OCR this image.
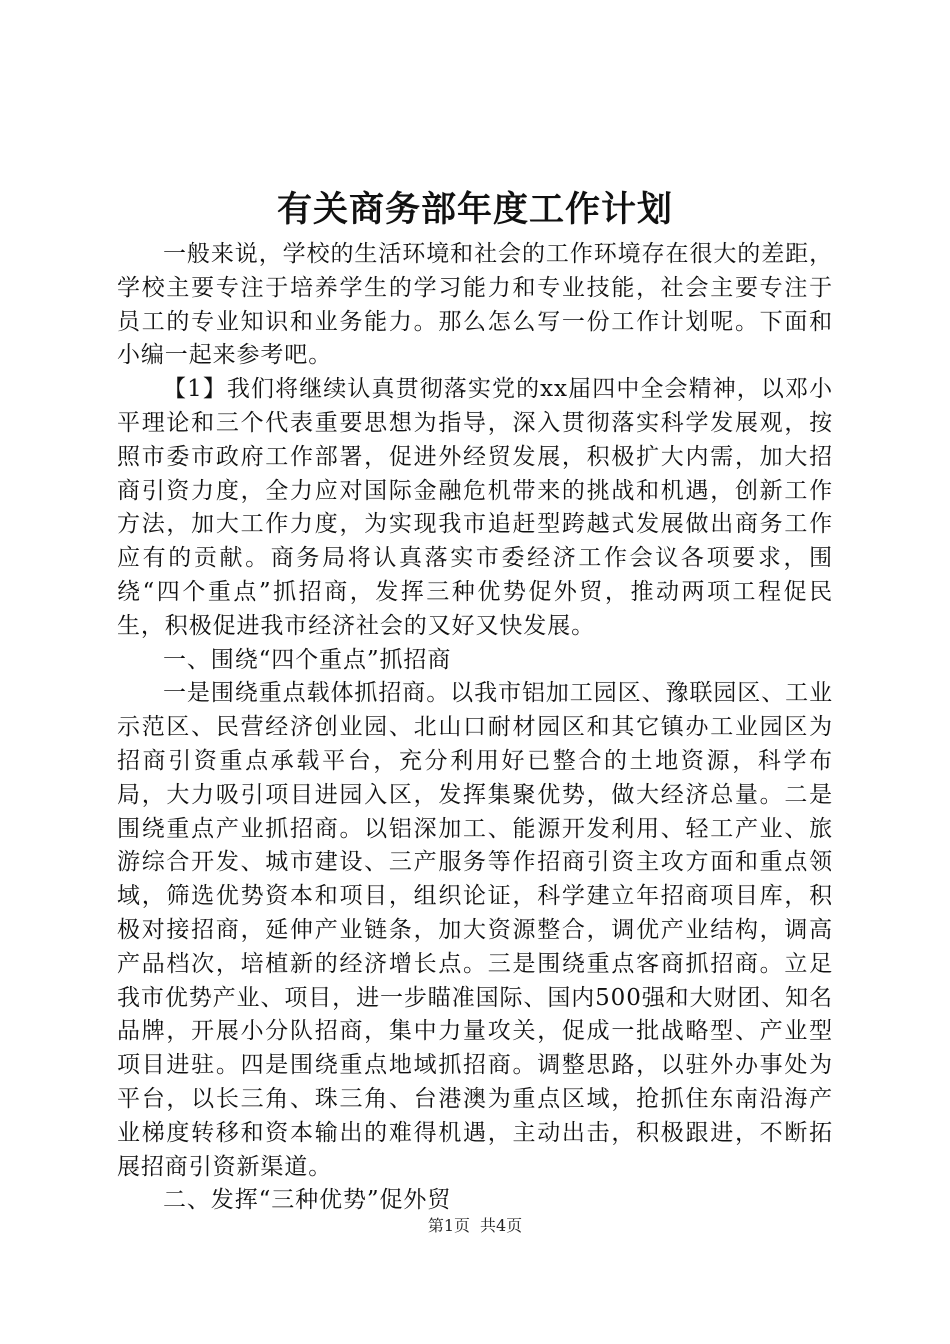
有关商务部年度工作计划

一般来说，学校的生活环境和社会的工作环境存在很大的差距，学校主要专注于培养学生的学习能力和专业技能，社会主要专注于员工的专业知识和业务能力。那么怎么写一份工作计划呢。下面和小编一起来参考吧。

【1】我们将继续认真贯彻落实党的xx届四中全会精神，以邓小平理论和三个代表重要思想为指导，深入贯彻落实科学发展观，按照市委市政府工作部署，促进外经贸发展，积极扩大内需，加大招商引资力度，全力应对国际金融危机带来的挑战和机遇，创新工作方法，加大工作力度，为实现我市追赶型跨越式发展做出商务工作应有的贡献。商务局将认真落实市委经济工作会议各项要求，围绕“四个重点”抓招商，发挥三种优势促外贸，推动两项工程促民生，积极促进我市经济社会的又好又快发展。

一、围绕“四个重点”抓招商

一是围绕重点载体抓招商。以我市铝加工园区、豫联园区、工业示范区、民营经济创业园、北山口耐材园区和其它镇办工业园区为招商引资重点承载平台，充分利用好已整合的土地资源，科学布局，大力吸引项目进园入区，发挥集聚优势，做大经济总量。二是围绕重点产业抓招商。以铝深加工、能源开发利用、轻工产业、旅游综合开发、城市建设、三产服务等作招商引资主攻方面和重点领域，筛选优势资本和项目，组织论证，科学建立年招商项目库，积极对接招商，延伸产业链条，加大资源整合，调优产业结构，调高产品档次，培植新的经济增长点。三是围绕重点客商抓招商。立足我市优势产业、项目，进一步瞄准国际、国内500强和大财团、知名品牌，开展小分队招商，集中力量攻关，促成一批战略型、产业型项目进驻。四是围绕重点地域抓招商。调整思路，以驻外办事处为平台，以长三角、珠三角、台港澳为重点区域，抢抓住东南沿海产业梯度转移和资本输出的难得机遇，主动出击，积极跟进，不断拓展招商引资新渠道。

二、发挥“三种优势”促外贸

第1页 共4页
